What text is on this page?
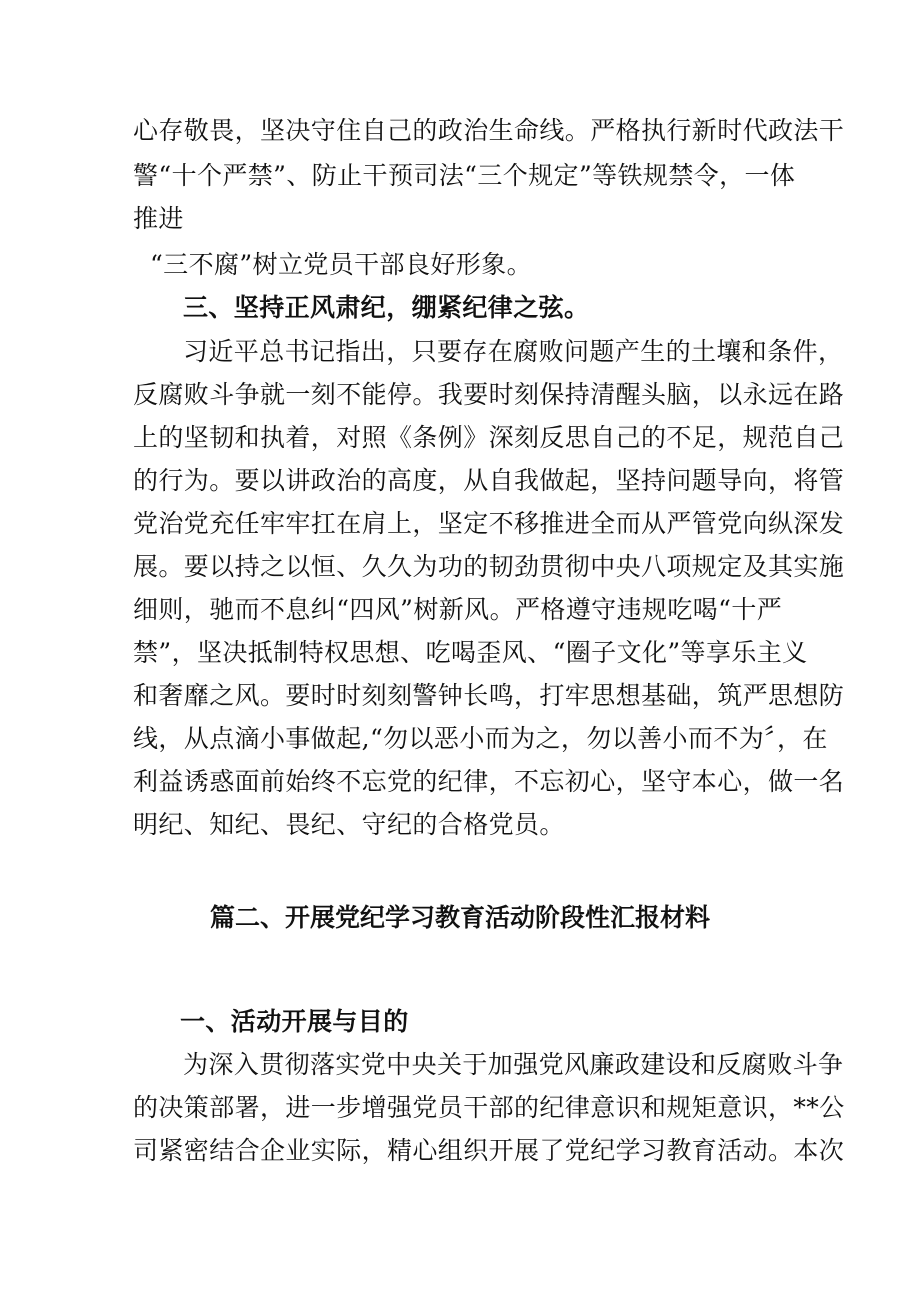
心存敬畏，坚决守住自己的政治生命线。严格执行新时代政法干
警“十个严禁”、防止干预司法“三个规定”等铁规禁令，一体
推进
“三不腐”树立党员干部良好形象。
三、坚持正风肃纪，绷紧纪律之弦。
习近平总书记指出，只要存在腐败问题产生的土壤和条件，
反腐败斗争就一刻不能停。我要时刻保持清醒头脑，以永远在路
上的坚韧和执着，对照《条例》深刻反思自己的不足，规范自己
的行为。要以讲政治的高度，从自我做起，坚持问题导向，将管
党治党充任牢牢扛在肩上，坚定不移推进全而从严管党向纵深发
展。要以持之以恒、久久为功的韧劲贯彻中央八项规定及其实施
细则，驰而不息纠“四风”树新风。严格遵守违规吃喝“十严
禁”，坚决抵制特权思想、吃喝歪风、“圈子文化”等享乐主义
和奢靡之风。要时时刻刻警钟长鸣，打牢思想基础，筑严思想防
线，从点滴小事做起,“勿以恶小而为之，勿以善小而不为〞，在
利益诱惑面前始终不忘党的纪律，不忘初心，坚守本心，做一名
明纪、知纪、畏纪、守纪的合格党员。
篇二、开展党纪学习教育活动阶段性汇报材料
一、活动开展与目的
为深入贯彻落实党中央关于加强党风廉政建设和反腐败斗争
的决策部署，进一步增强党员干部的纪律意识和规矩意识，**公
司紧密结合企业实际，精心组织开展了党纪学习教育活动。本次
